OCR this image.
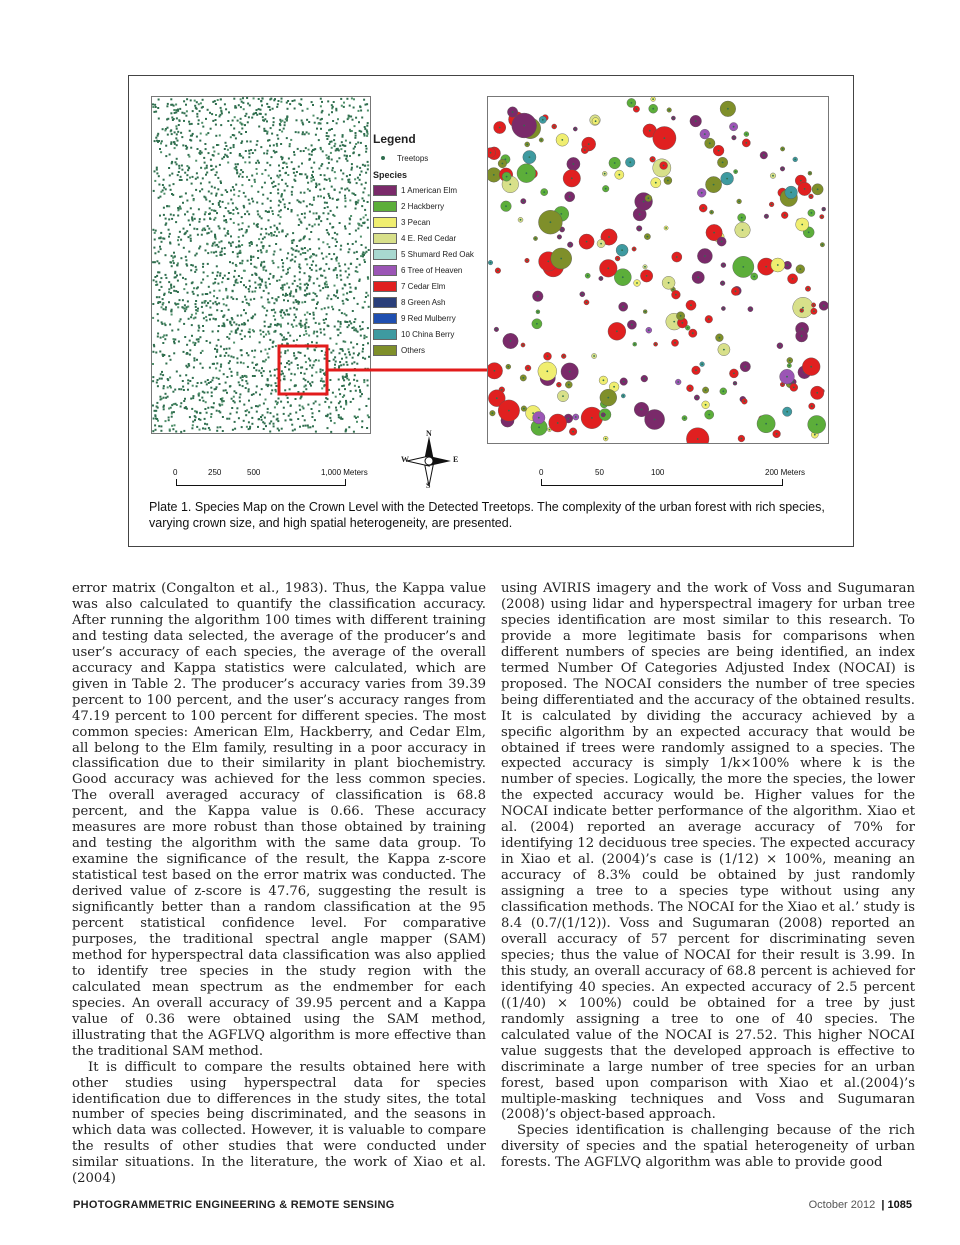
Legend
Treetops
Species
1 American Elm
2 Hackberry
3 Pecan
4 E. Red Cedar
5 Shumard Red Oak
6 Tree of Heaven
7 Cedar Elm
8 Green Ash
9 Red Mulberry
10 China Berry
Others
0	250	500	1,000 Meters	0	50	100	200 Meters
N
S
W	E
Plate 1. Species Map on the Crown Level with the Detected Treetops. The complexity of the urban forest with rich species, varying crown size, and high spatial heterogeneity, are presented.

error matrix (Congalton et al., 1983). Thus, the Kappa value was also calculated to quantify the classification accuracy. After running the algorithm 100 times with different training and testing data selected, the average of the producer’s and user’s accuracy of each species, the average of the overall accuracy and Kappa statistics were calculated, which are given in Table 2. The producer’s accuracy varies from 39.39 percent to 100 percent, and the user’s accuracy ranges from 47.19 percent to 100 percent for different species. The most common species: American Elm, Hackberry, and Cedar Elm, all belong to the Elm family, resulting in a poor accuracy in classification due to their similarity in plant biochemistry. Good accuracy was achieved for the less common species. The overall averaged accuracy of classification is 68.8 percent, and the Kappa value is 0.66. These accuracy measures are more robust than those obtained by training and testing the algorithm with the same data group. To examine the significance of the result, the Kappa z-score statistical test based on the error matrix was conducted. The derived value of z-score is 47.76, suggesting the result is significantly better than a random classification at the 95 percent statistical confidence level. For comparative purposes, the traditional spectral angle mapper (SAM) method for hyperspectral data classification was also applied to identify tree species in the study region with the calculated mean spectrum as the endmember for each species. An overall accuracy of 39.95 percent and a Kappa value of 0.36 were obtained using the SAM method, illustrating that the AGFLVQ algorithm is more effective than the traditional SAM method.

It is difficult to compare the results obtained here with other studies using hyperspectral data for species identification due to differences in the study sites, the total number of species being discriminated, and the seasons in which data was collected. However, it is valuable to compare the results of other studies that were conducted under similar situations. In the literature, the work of Xiao et al. (2004)

using AVIRIS imagery and the work of Voss and Sugumaran (2008) using lidar and hyperspectral imagery for urban tree species identification are most similar to this research. To provide a more legitimate basis for comparisons when different numbers of species are being identified, an index termed Number Of Categories Adjusted Index (NOCAI) is proposed. The NOCAI considers the number of tree species being differentiated and the accuracy of the obtained results. It is calculated by dividing the accuracy achieved by a specific algorithm by an expected accuracy that would be obtained if trees were randomly assigned to a species. The expected accuracy is simply 1/k×100% where k is the number of species. Logically, the more the species, the lower the expected accuracy would be. Higher values for the NOCAI indicate better performance of the algorithm. Xiao et al. (2004) reported an average accuracy of 70% for identifying 12 deciduous tree species. The expected accuracy in Xiao et al. (2004)’s case is (1/12) × 100%, meaning an accuracy of 8.3% could be obtained by just randomly assigning a tree to a species type without using any classification methods. The NOCAI for the Xiao et al.’ study is 8.4 (0.7/(1/12)). Voss and Sugumaran (2008) reported an overall accuracy of 57 percent for discriminating seven species; thus the value of NOCAI for their result is 3.99. In this study, an overall accuracy of 68.8 percent is achieved for identifying 40 species. An expected accuracy of 2.5 percent ((1/40) × 100%) could be obtained for a tree by just randomly assigning a tree to one of 40 species. The calculated value of the NOCAI is 27.52. This higher NOCAI value suggests that the developed approach is effective to discriminate a large number of tree species for an urban forest, based upon comparison with Xiao et al.(2004)’s multiple-masking techniques and Voss and Sugumaran (2008)’s object-based approach.

Species identification is challenging because of the rich diversity of species and the spatial heterogeneity of urban forests. The AGFLVQ algorithm was able to provide good

PHOTOGRAMMETRIC ENGINEERING & REMOTE SENSING	October 2012  | 1085
